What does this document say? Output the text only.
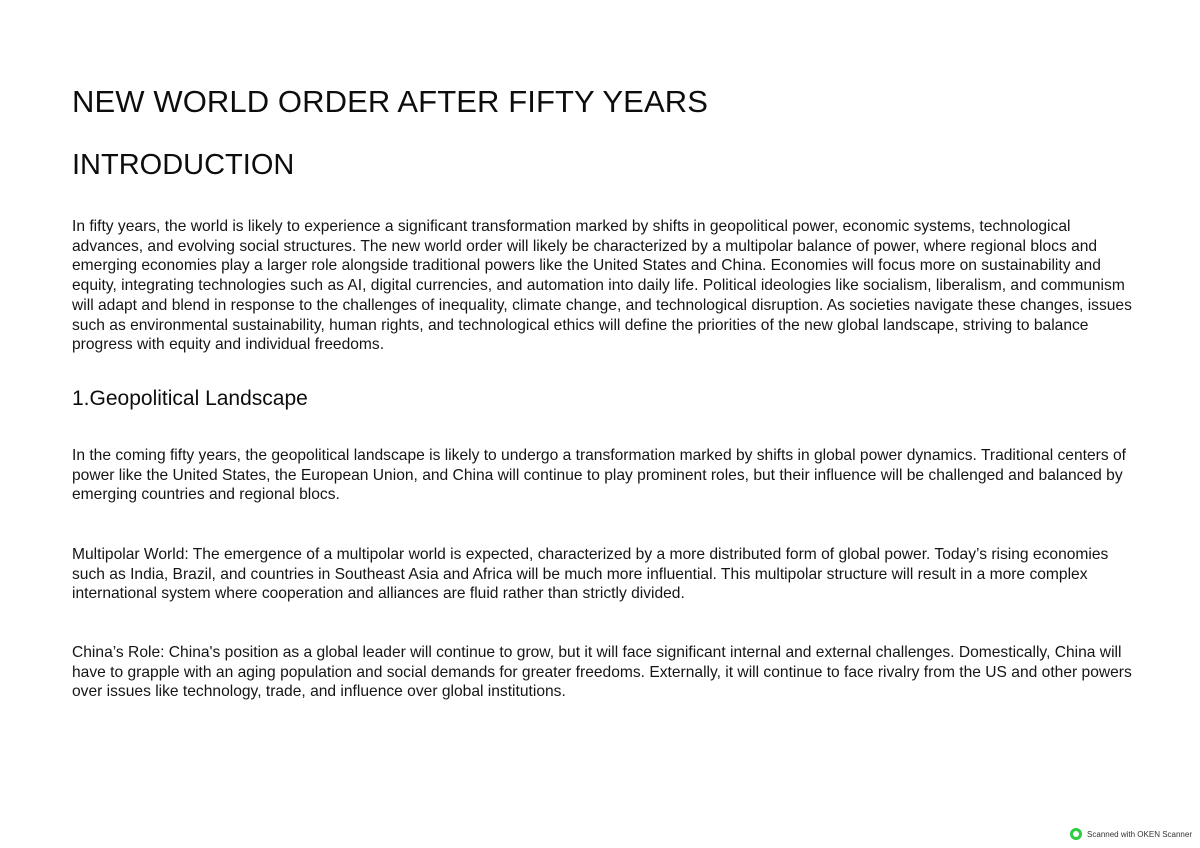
NEW WORLD ORDER AFTER FIFTY YEARS
INTRODUCTION

In fifty years, the world is likely to experience a significant transformation marked by shifts in geopolitical power, economic systems, technological advances, and evolving social structures. The new world order will likely be characterized by a multipolar balance of power, where regional blocs and emerging economies play a larger role alongside traditional powers like the United States and China. Economies will focus more on sustainability and equity, integrating technologies such as AI, digital currencies, and automation into daily life. Political ideologies like socialism, liberalism, and communism will adapt and blend in response to the challenges of inequality, climate change, and technological disruption. As societies navigate these changes, issues such as environmental sustainability, human rights, and technological ethics will define the priorities of the new global landscape, striving to balance progress with equity and individual freedoms.

1.Geopolitical Landscape

In the coming fifty years, the geopolitical landscape is likely to undergo a transformation marked by shifts in global power dynamics. Traditional centers of power like the United States, the European Union, and China will continue to play prominent roles, but their influence will be challenged and balanced by emerging countries and regional blocs.

Multipolar World: The emergence of a multipolar world is expected, characterized by a more distributed form of global power. Today’s rising economies such as India, Brazil, and countries in Southeast Asia and Africa will be much more influential. This multipolar structure will result in a more complex international system where cooperation and alliances are fluid rather than strictly divided.

China’s Role: China's position as a global leader will continue to grow, but it will face significant internal and external challenges. Domestically, China will have to grapple with an aging population and social demands for greater freedoms. Externally, it will continue to face rivalry from the US and other powers over issues like technology, trade, and influence over global institutions.

Scanned with OKEN Scanner
